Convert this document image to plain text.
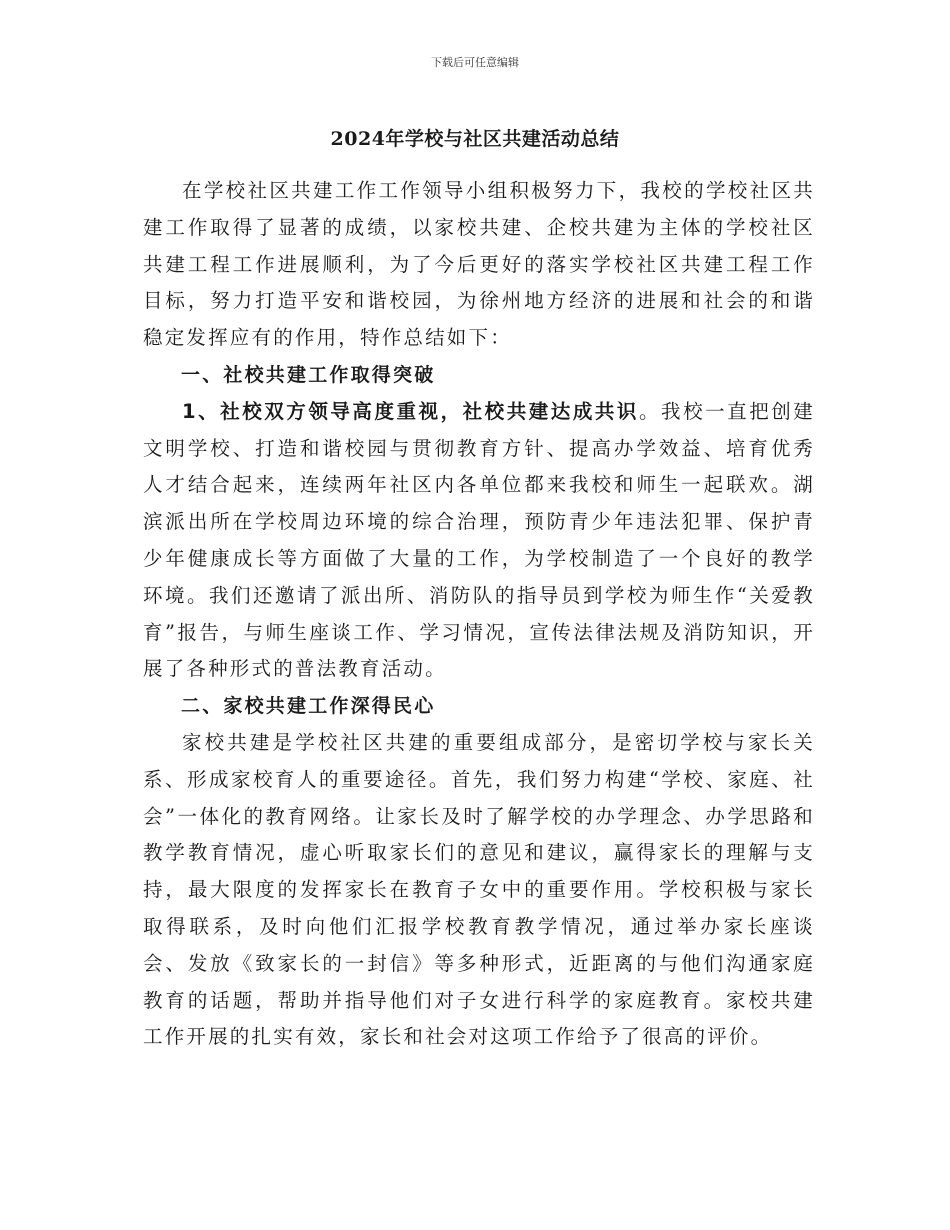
下载后可任意编辑
2024年学校与社区共建活动总结

在学校社区共建工作工作领导小组积极努力下，我校的学校社区共建工作取得了显著的成绩，以家校共建、企校共建为主体的学校社区共建工程工作进展顺利，为了今后更好的落实学校社区共建工程工作目标，努力打造平安和谐校园，为徐州地方经济的进展和社会的和谐稳定发挥应有的作用，特作总结如下：

一、社校共建工作取得突破

1、社校双方领导高度重视，社校共建达成共识。我校一直把创建文明学校、打造和谐校园与贯彻教育方针、提高办学效益、培育优秀人才结合起来，连续两年社区内各单位都来我校和师生一起联欢。湖滨派出所在学校周边环境的综合治理，预防青少年违法犯罪、保护青少年健康成长等方面做了大量的工作，为学校制造了一个良好的教学环境。我们还邀请了派出所、消防队的指导员到学校为师生作“关爱教育”报告，与师生座谈工作、学习情况，宣传法律法规及消防知识，开展了各种形式的普法教育活动。

二、家校共建工作深得民心

家校共建是学校社区共建的重要组成部分，是密切学校与家长关系、形成家校育人的重要途径。首先，我们努力构建“学校、家庭、社会”一体化的教育网络。让家长及时了解学校的办学理念、办学思路和教学教育情况，虚心听取家长们的意见和建议，赢得家长的理解与支持，最大限度的发挥家长在教育子女中的重要作用。学校积极与家长取得联系，及时向他们汇报学校教育教学情况，通过举办家长座谈会、发放《致家长的一封信》等多种形式，近距离的与他们沟通家庭教育的话题，帮助并指导他们对子女进行科学的家庭教育。家校共建工作开展的扎实有效，家长和社会对这项工作给予了很高的评价。
